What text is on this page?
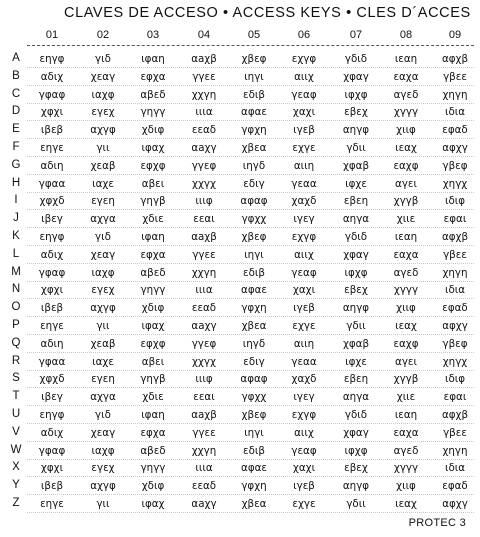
CLAVES DE ACCESO • ACCESS KEYS • CLES D´ACCES
01	02	03	04	05	06	07	08	09
A	εηγφ	γιδ	ιφαη	αaχβ	χβεφ	εχγφ	γδιδ	ιεαη	αφχβ
B	αδιχ	χεαγ	εφχα	γγεε	ιηγι	αιιχ	χφαγ	εαχα	γβεε
C	γφαφ	ιαχφ	αβεδ	χχγη	εδιβ	γεαφ	ιφχφ	αγεδ	χηγη
D	χφχι	εγεχ	γηγγ	ιιια	αφαε	χαχι	εβεχ	χγγγ	ιδια
E	ιβεβ	αχγφ	χδιφ	εεαδ	γφχη	ιγεβ	αηγφ	χιιφ	εφαδ
F	εηγε	γιι	ιφαχ	αaχγ	χβεα	εχγε	γδιι	ιεαχ	αφχγ
G	αδιη	χεαβ	εφχφ	γγεφ	ιηγδ	αιιη	χφαβ	εαχφ	γβεφ
H	γφαα	ιαχε	αβει	χχγχ	εδιγ	γεαα	ιφχε	αγει	χηγχ
I	χφχδ	εγεη	γηγβ	ιιιφ	αφαφ	χαχδ	εβεη	χγγβ	ιδιφ
J	ιβεγ	αχγα	χδιε	εεαι	γφχχ	ιγεγ	αηγα	χιιε	εφαι
K	εηγφ	γιδ	ιφαη	αaχβ	χβεφ	εχγφ	γδιδ	ιεαη	αφχβ
L	αδιχ	χεαγ	εφχα	γγεε	ιηγι	αιιχ	χφαγ	εαχα	γβεε
M	γφαφ	ιαχφ	αβεδ	χχγη	εδιβ	γεαφ	ιφχφ	αγεδ	χηγη
N	χφχι	εγεχ	γηγγ	ιιια	αφαε	χαχι	εβεχ	χγγγ	ιδια
O	ιβεβ	αχγφ	χδιφ	εεαδ	γφχη	ιγεβ	αηγφ	χιιφ	εφαδ
P	εηγε	γιι	ιφαχ	αaχγ	χβεα	εχγε	γδιι	ιεαχ	αφχγ
Q	αδιη	χεαβ	εφχφ	γγεφ	ιηγδ	αιιη	χφαβ	εαχφ	γβεφ
R	γφαα	ιαχε	αβει	χχγχ	εδιγ	γεαα	ιφχε	αγει	χηγχ
S	χφχδ	εγεη	γηγβ	ιιιφ	αφαφ	χαχδ	εβεη	χγγβ	ιδιφ
T	ιβεγ	αχγα	χδιε	εεαι	γφχχ	ιγεγ	αηγα	χιιε	εφαι
U	εηγφ	γιδ	ιφαη	αaχβ	χβεφ	εχγφ	γδιδ	ιεαη	αφχβ
V	αδιχ	χεαγ	εφχα	γγεε	ιηγι	αιιχ	χφαγ	εαχα	γβεε
W	γφαφ	ιαχφ	αβεδ	χχγη	εδιβ	γεαφ	ιφχφ	αγεδ	χηγη
X	χφχι	εγεχ	γηγγ	ιιια	αφαε	χαχι	εβεχ	χγγγ	ιδια
Y	ιβεβ	αχγφ	χδιφ	εεαδ	γφχη	ιγεβ	αηγφ	χιιφ	εφαδ
Z	εηγε	γιι	ιφαχ	αaχγ	χβεα	εχγε	γδιι	ιεαχ	αφχγ
PROTEC 3
